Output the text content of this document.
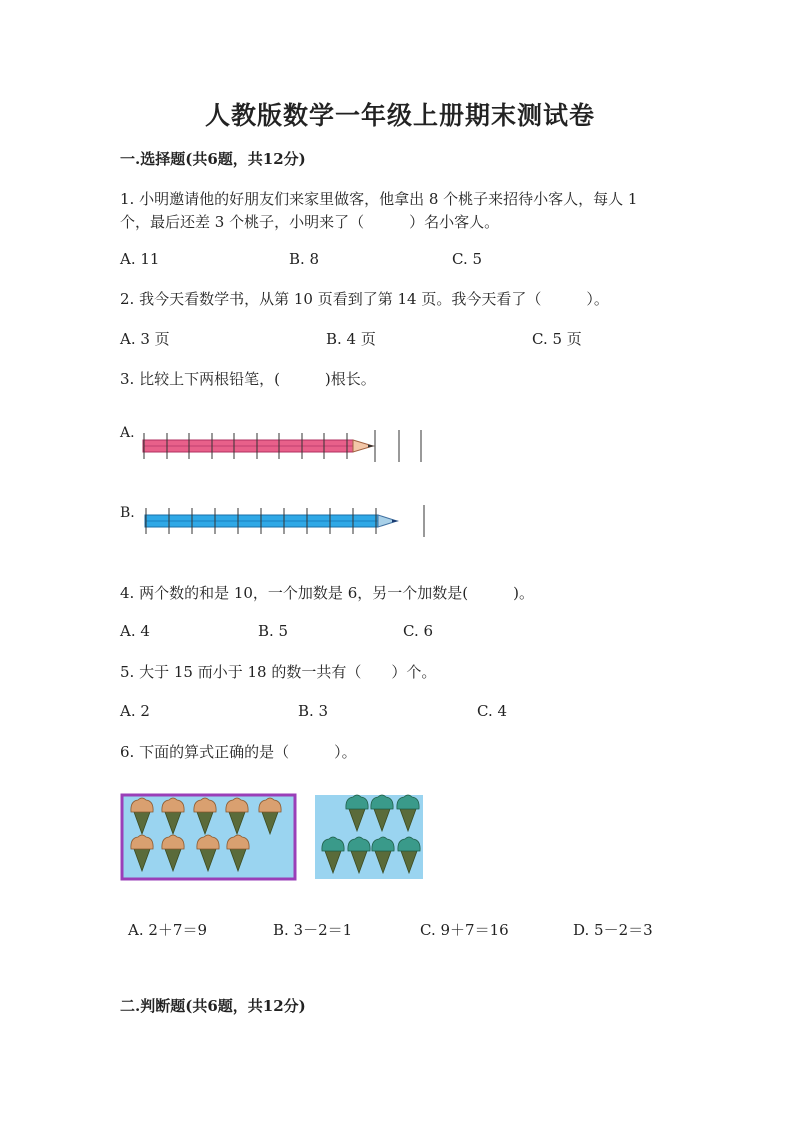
人教版数学一年级上册期末测试卷
一.选择题(共6题，共12分)
1. 小明邀请他的好朋友们来家里做客，他拿出 8 个桃子来招待小客人，每人 1
个，最后还差 3 个桃子，小明来了（　　　）名小客人。
A. 11	B. 8	C. 5
2. 我今天看数学书，从第 10 页看到了第 14 页。我今天看了（　　　）。
A. 3 页	B. 4 页	C. 5 页
3. 比较上下两根铅笔，(　　　)根长。
A.
B.
4. 两个数的和是 10，一个加数是 6，另一个加数是(　　　)。
A. 4	B. 5	C. 6
5. 大于 15 而小于 18 的数一共有（　　）个。
A. 2	B. 3	C. 4
6. 下面的算式正确的是（　　　）。
A. 2＋7＝9	B. 3－2＝1	C. 9＋7＝16	D. 5－2＝3
二.判断题(共6题，共12分)
